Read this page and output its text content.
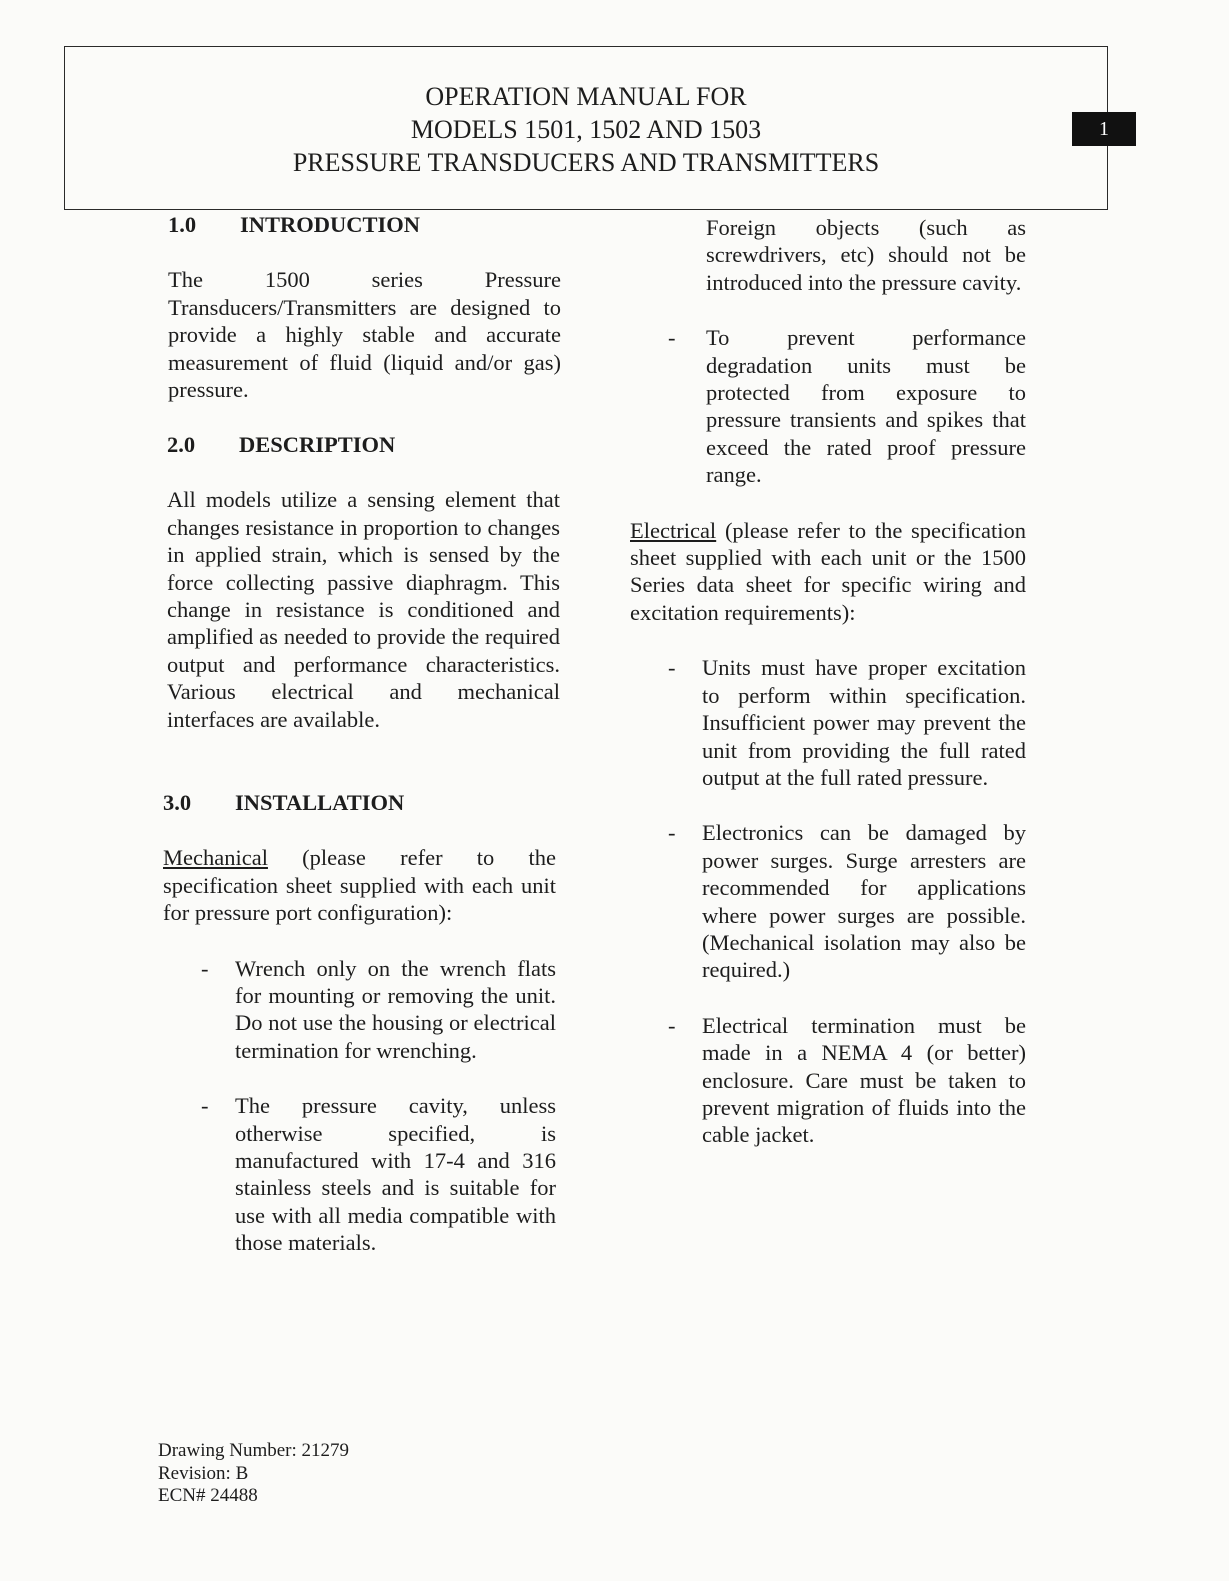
OPERATION MANUAL FOR
MODELS 1501, 1502 AND 1503
PRESSURE TRANSDUCERS AND TRANSMITTERS
1
1.0 INTRODUCTION

The 1500 series Pressure Transducers/Transmitters are designed to provide a highly stable and accurate measurement of fluid (liquid and/or gas) pressure.

2.0 DESCRIPTION

All models utilize a sensing element that changes resistance in proportion to changes in applied strain, which is sensed by the force collecting passive diaphragm. This change in resistance is conditioned and amplified as needed to provide the required output and performance characteristics. Various electrical and mechanical interfaces are available.

3.0 INSTALLATION

Mechanical (please refer to the specification sheet supplied with each unit for pressure port configuration):

- Wrench only on the wrench flats for mounting or removing the unit. Do not use the housing or electrical termination for wrenching.

- The pressure cavity, unless otherwise specified, is manufactured with 17-4 and 316 stainless steels and is suitable for use with all media compatible with those materials.

Foreign objects (such as screwdrivers, etc) should not be introduced into the pressure cavity.

- To prevent performance degradation units must be protected from exposure to pressure transients and spikes that exceed the rated proof pressure range.

Electrical (please refer to the specification sheet supplied with each unit or the 1500 Series data sheet for specific wiring and excitation requirements):

- Units must have proper excitation to perform within specification. Insufficient power may prevent the unit from providing the full rated output at the full rated pressure.

- Electronics can be damaged by power surges. Surge arresters are recommended for applications where power surges are possible. (Mechanical isolation may also be required.)

- Electrical termination must be made in a NEMA 4 (or better) enclosure. Care must be taken to prevent migration of fluids into the cable jacket.

Drawing Number: 21279
Revision: B
ECN# 24488
